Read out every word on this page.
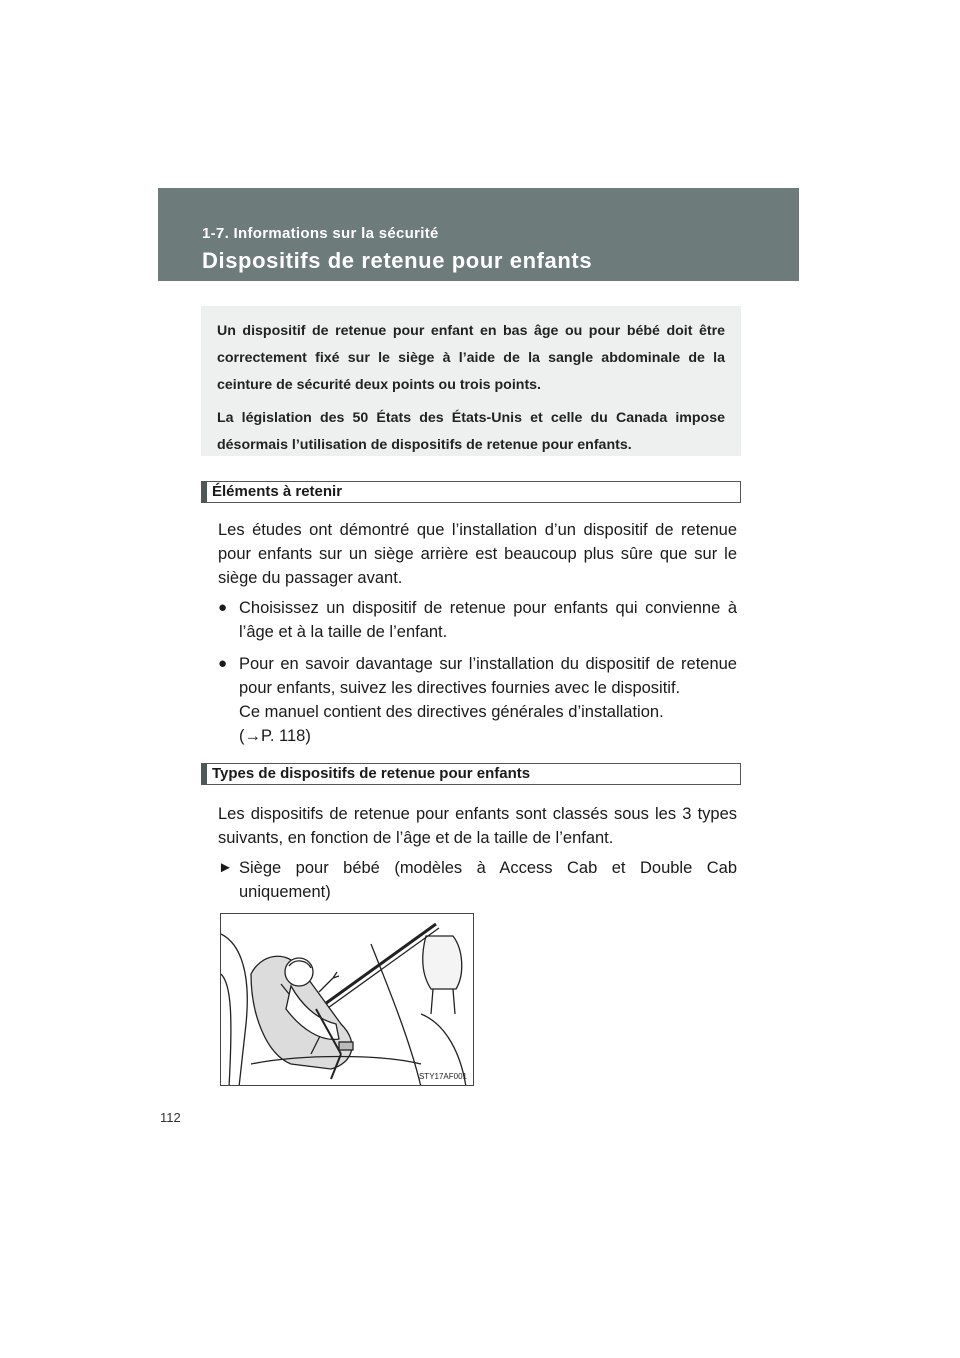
1-7. Informations sur la sécurité
Dispositifs de retenue pour enfants

Un dispositif de retenue pour enfant en bas âge ou pour bébé doit être correctement fixé sur le siège à l’aide de la sangle abdominale de la ceinture de sécurité deux points ou trois points.

La législation des 50 États des États-Unis et celle du Canada impose désormais l’utilisation de dispositifs de retenue pour enfants.

Éléments à retenir
Les études ont démontré que l’installation d’un dispositif de retenue pour enfants sur un siège arrière est beaucoup plus sûre que sur le siège du passager avant.
● Choisissez un dispositif de retenue pour enfants qui convienne à l’âge et à la taille de l’enfant.
● Pour en savoir davantage sur l’installation du dispositif de retenue pour enfants, suivez les directives fournies avec le dispositif.
Ce manuel contient des directives générales d’installation.
(→P. 118)
Types de dispositifs de retenue pour enfants
Les dispositifs de retenue pour enfants sont classés sous les 3 types suivants, en fonction de l’âge et de la taille de l’enfant.
► Siège pour bébé (modèles à Access Cab et Double Cab uniquement)
STY17AF001
112
